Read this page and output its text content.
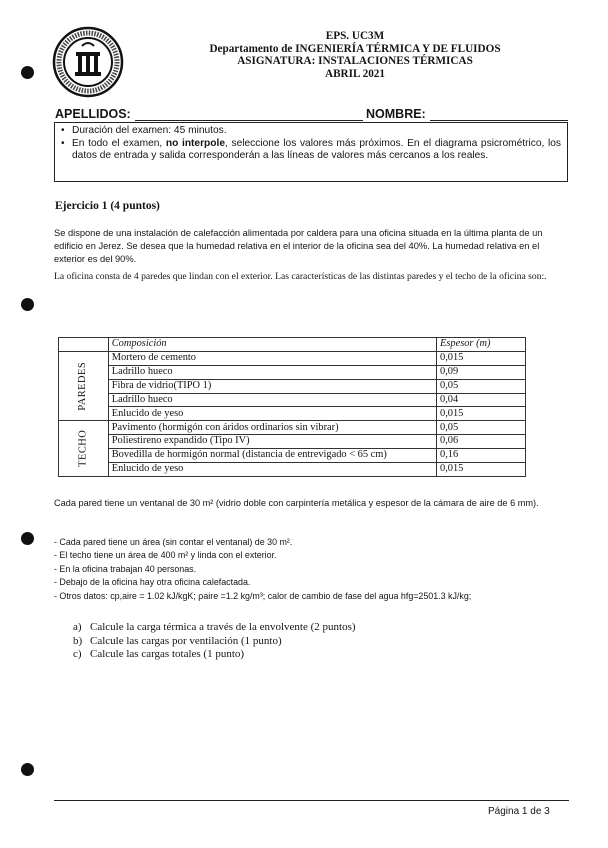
EPS. UC3M
Departamento de INGENIERÍA TÉRMICA Y DE FLUIDOS
ASIGNATURA: INSTALACIONES TÉRMICAS
ABRIL 2021
APELLIDOS:	NOMBRE:
• Duración del examen: 45 minutos.
• En todo el examen, no interpole, seleccione los valores más próximos. En el diagrama psicrométrico, los datos de entrada y salida corresponderán a las líneas de valores más cercanos a los reales.
Ejercicio 1 (4 puntos)
Se dispone de una instalación de calefacción alimentada por caldera para una oficina situada en la última planta de un edificio en Jerez. Se desea que la humedad relativa en el interior de la oficina sea del 40%. La humedad relativa en el exterior es del 90%.
La oficina consta de 4 paredes que lindan con el exterior. Las características de las distintas paredes y el techo de la oficina son:.
	Composición	Espesor (m)
PAREDES	Mortero de cemento	0,015
	Ladrillo hueco	0,09
	Fibra de vidrio(TIPO 1)	0,05
	Ladrillo hueco	0,04
	Enlucido de yeso	0,015
TECHO	Pavimento (hormigón con áridos ordinarios sin vibrar)	0,05
	Poliestireno expandido (Tipo IV)	0,06
	Bovedilla de hormigón normal (distancia de entrevigado < 65 cm)	0,16
	Enlucido de yeso	0,015
Cada pared tiene un ventanal de 30 m² (vidrio doble con carpintería metálica y espesor de la cámara de aire de 6 mm).
- Cada pared tiene un área (sin contar el ventanal) de 30 m².
- El techo tiene un área de 400 m² y linda con el exterior.
- En la oficina trabajan 40 personas.
- Debajo de la oficina hay otra oficina calefactada.
- Otros datos: cp,aire = 1.02 kJ/kgK; ρaire =1.2 kg/m³; calor de cambio de fase del agua hfg=2501.3 kJ/kg;
a) Calcule la carga térmica a través de la envolvente (2 puntos)
b) Calcule las cargas por ventilación (1 punto)
c) Calcule las cargas totales (1 punto)
Página 1 de 3
